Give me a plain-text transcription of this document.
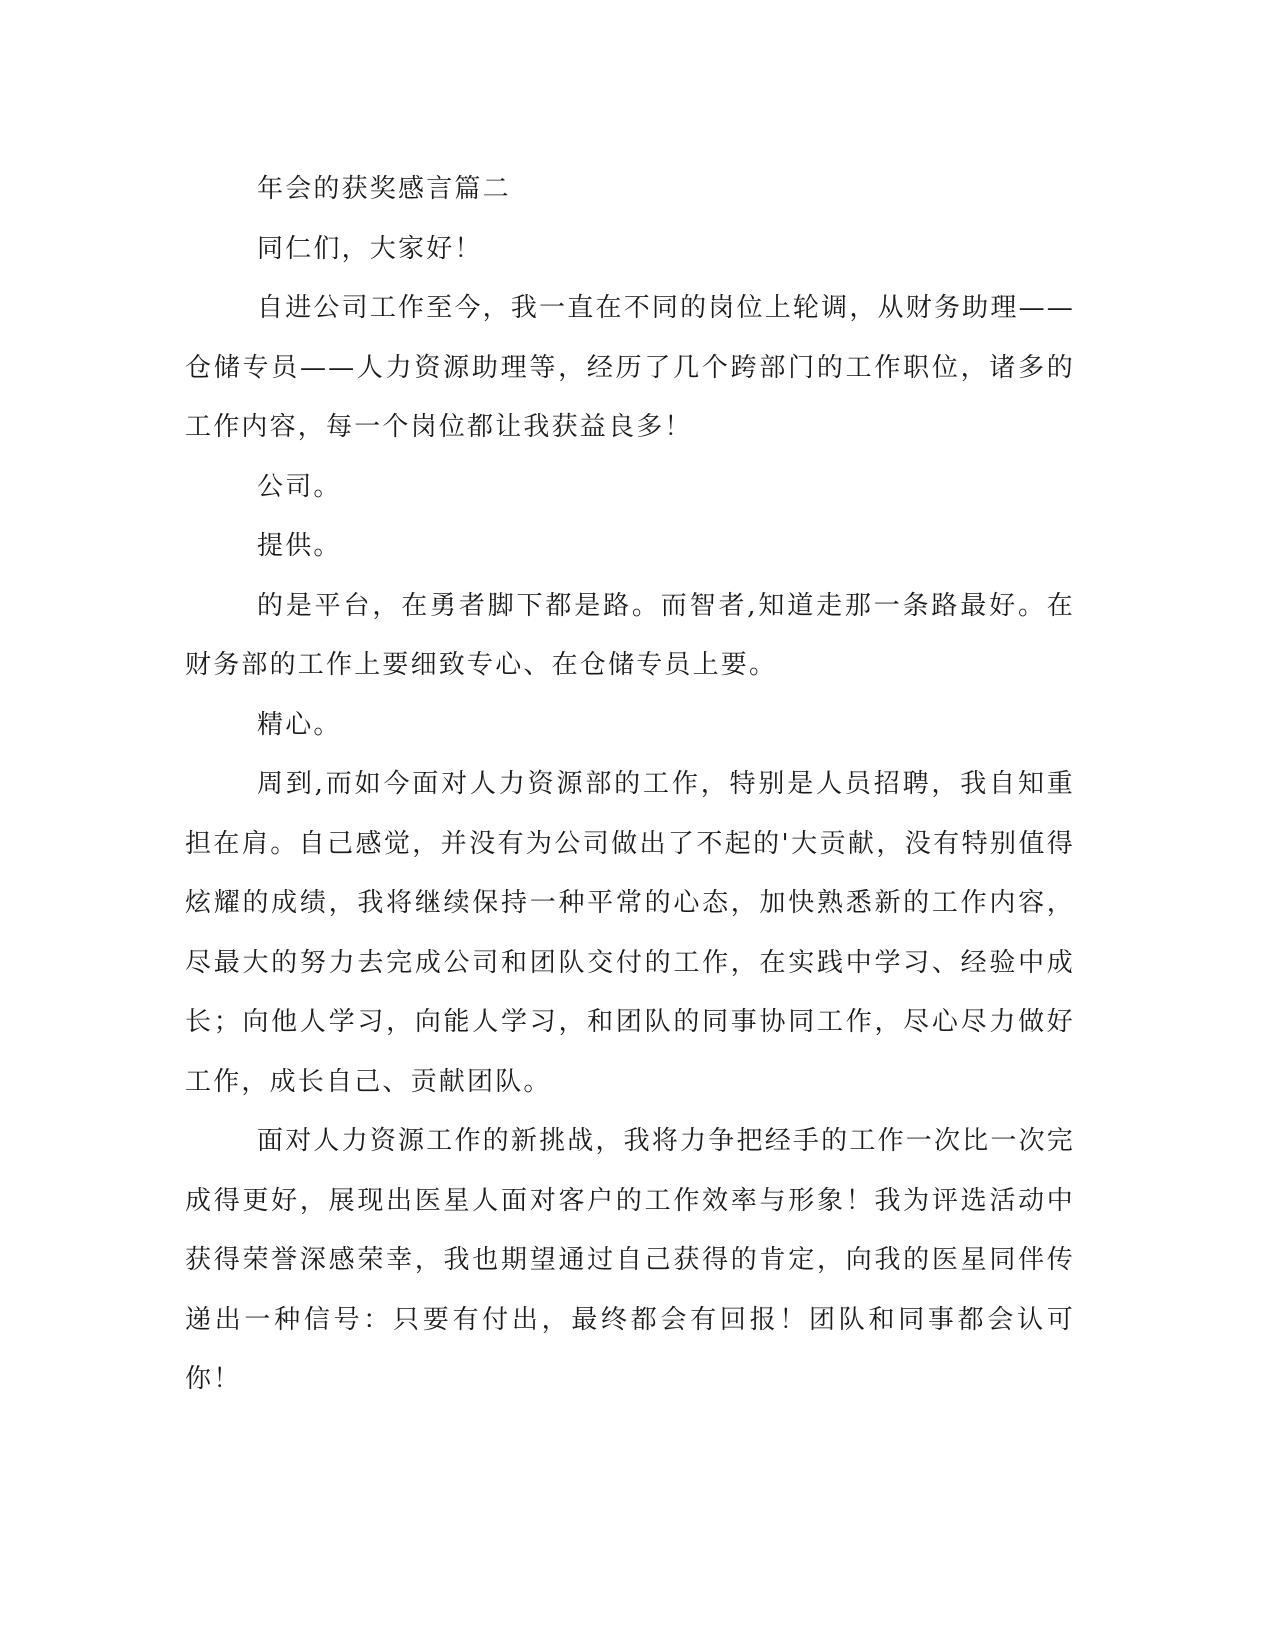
年会的获奖感言篇二

同仁们，大家好！

自进公司工作至今，我一直在不同的岗位上轮调，从财务助理——仓储专员——人力资源助理等，经历了几个跨部门的工作职位，诸多的工作内容，每一个岗位都让我获益良多！

公司。

提供。

的是平台，在勇者脚下都是路。而智者,知道走那一条路最好。在财务部的工作上要细致专心、在仓储专员上要。

精心。

周到,而如今面对人力资源部的工作，特别是人员招聘，我自知重担在肩。自己感觉，并没有为公司做出了不起的'大贡献，没有特别值得炫耀的成绩，我将继续保持一种平常的心态，加快熟悉新的工作内容，尽最大的努力去完成公司和团队交付的工作，在实践中学习、经验中成长；向他人学习，向能人学习，和团队的同事协同工作，尽心尽力做好工作，成长自己、贡献团队。

面对人力资源工作的新挑战，我将力争把经手的工作一次比一次完成得更好，展现出医星人面对客户的工作效率与形象！我为评选活动中获得荣誉深感荣幸，我也期望通过自己获得的肯定，向我的医星同伴传递出一种信号：只要有付出，最终都会有回报！团队和同事都会认可你！
